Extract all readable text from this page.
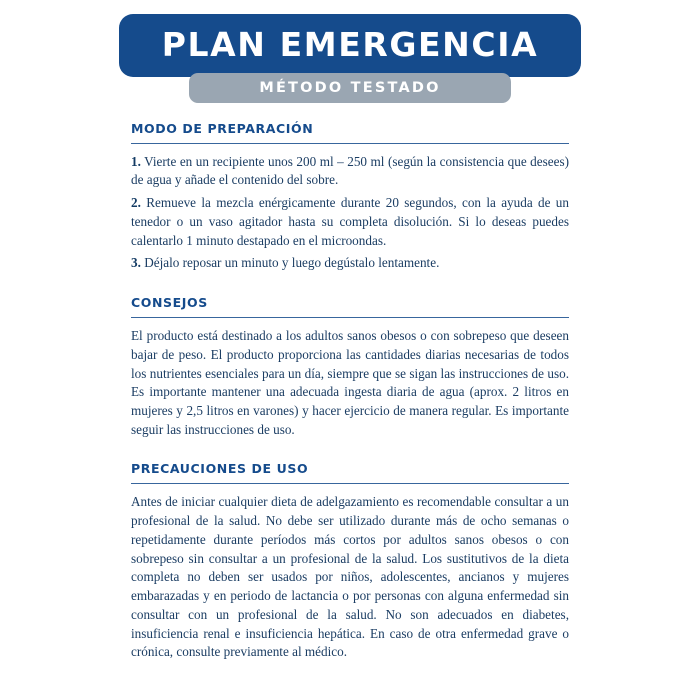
PLAN EMERGENCIA
MÉTODO TESTADO
MODO DE PREPARACIÓN

1. Vierte en un recipiente unos 200 ml – 250 ml (según la consistencia que desees) de agua y añade el contenido del sobre.

2. Remueve la mezcla enérgicamente durante 20 segundos, con la ayuda de un tenedor o un vaso agitador hasta su completa disolución. Si lo deseas puedes calentarlo 1 minuto destapado en el microondas.

3. Déjalo reposar un minuto y luego degústalo lentamente.

CONSEJOS

El producto está destinado a los adultos sanos obesos o con sobrepeso que deseen bajar de peso. El producto proporciona las cantidades diarias necesarias de todos los nutrientes esenciales para un día, siempre que se sigan las instrucciones de uso. Es importante mantener una adecuada ingesta diaria de agua (aprox. 2 litros en mujeres y 2,5 litros en varones) y hacer ejercicio de manera regular. Es importante seguir las instrucciones de uso.

PRECAUCIONES DE USO

Antes de iniciar cualquier dieta de adelgazamiento es recomendable consultar a un profesional de la salud. No debe ser utilizado durante más de ocho semanas o repetidamente durante períodos más cortos por adultos sanos obesos o con sobrepeso sin consultar a un profesional de la salud. Los sustitutivos de la dieta completa no deben ser usados por niños, adolescentes, ancianos y mujeres embarazadas y en periodo de lactancia o por personas con alguna enfermedad sin consultar con un profesional de la salud. No son adecuados en diabetes, insuficiencia renal e insuficiencia hepática. En caso de otra enfermedad grave o crónica, consulte previamente al médico.
